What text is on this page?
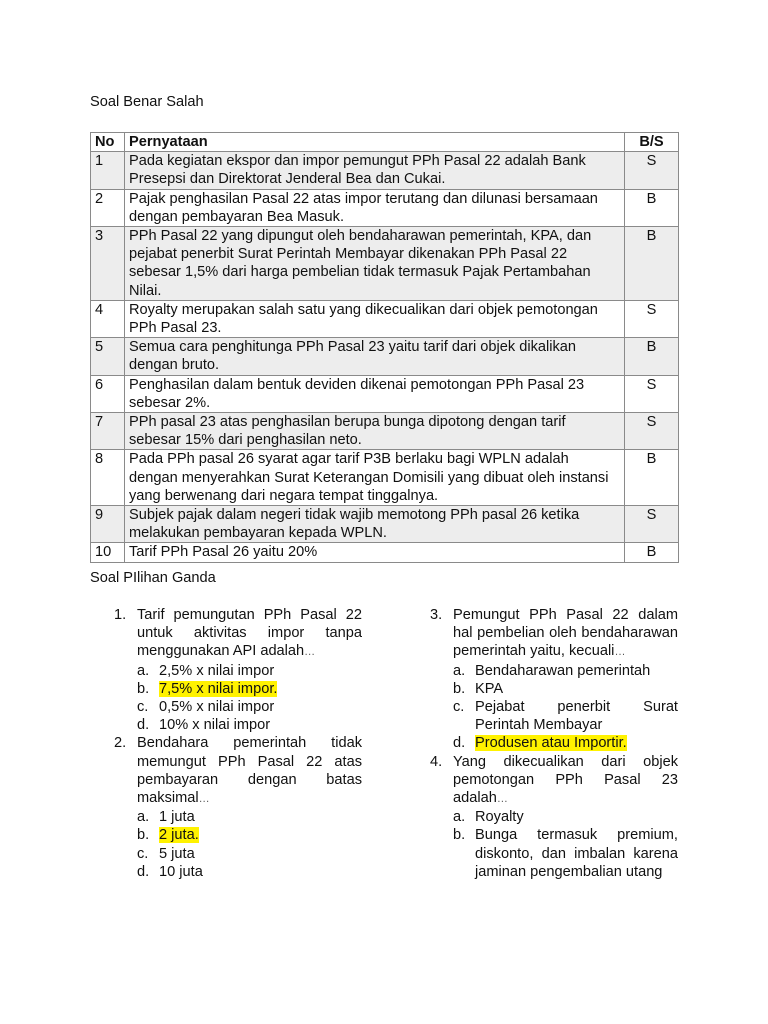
Soal Benar Salah
No	Pernyataan	B/S
1	Pada kegiatan ekspor dan impor pemungut PPh Pasal 22 adalah Bank Presepsi dan Direktorat Jenderal Bea dan Cukai.	S
2	Pajak penghasilan Pasal 22 atas impor terutang dan dilunasi bersamaan dengan pembayaran Bea Masuk.	B
3	PPh Pasal 22 yang dipungut oleh bendaharawan pemerintah, KPA, dan pejabat penerbit Surat Perintah Membayar dikenakan PPh Pasal 22 sebesar 1,5% dari harga pembelian tidak termasuk Pajak Pertambahan Nilai.	B
4	Royalty merupakan salah satu yang dikecualikan dari objek pemotongan PPh Pasal 23.	S
5	Semua cara penghitunga PPh Pasal 23 yaitu tarif dari objek dikalikan dengan bruto.	B
6	Penghasilan dalam bentuk deviden dikenai pemotongan PPh Pasal 23 sebesar 2%.	S
7	PPh pasal 23 atas penghasilan berupa bunga dipotong dengan tarif sebesar 15% dari penghasilan neto.	S
8	Pada PPh pasal 26 syarat agar tarif P3B berlaku bagi WPLN adalah dengan menyerahkan Surat Keterangan Domisili yang dibuat oleh instansi yang berwenang dari negara tempat tinggalnya.	B
9	Subjek pajak dalam negeri tidak wajib memotong PPh pasal 26 ketika melakukan pembayaran kepada WPLN.	S
10	Tarif PPh Pasal 26 yaitu 20%	B
Soal PIlihan Ganda
1. Tarif pemungutan PPh Pasal 22 untuk aktivitas impor tanpa menggunakan API adalah…
a. 2,5% x nilai impor
b. 7,5% x nilai impor.
c. 0,5% x nilai impor
d. 10% x nilai impor
2. Bendahara pemerintah tidak memungut PPh Pasal 22 atas pembayaran dengan batas maksimal…
a. 1 juta
b. 2 juta.
c. 5 juta
d. 10 juta
3. Pemungut PPh Pasal 22 dalam hal pembelian oleh bendaharawan pemerintah yaitu, kecuali…
a. Bendaharawan pemerintah
b. KPA
c. Pejabat penerbit Surat Perintah Membayar
d. Produsen atau Importir.
4. Yang dikecualikan dari objek pemotongan PPh Pasal 23 adalah…
a. Royalty
b. Bunga termasuk premium, diskonto, dan imbalan karena jaminan pengembalian utang
